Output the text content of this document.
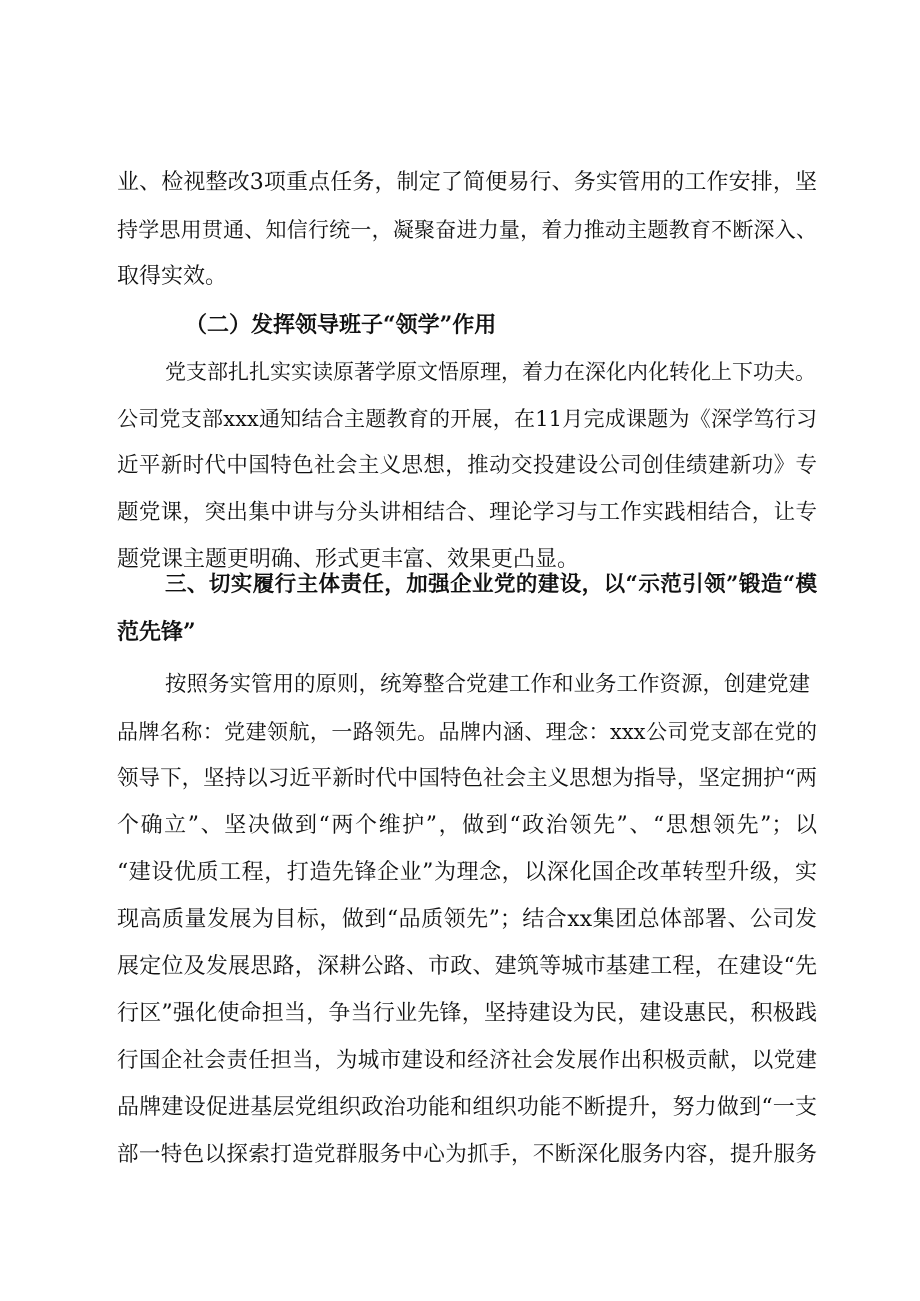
业、检视整改3项重点任务，制定了简便易行、务实管用的工作安排，坚
持学思用贯通、知信行统一，凝聚奋进力量，着力推动主题教育不断深入、
取得实效。
（二）发挥领导班子“领学”作用
党支部扎扎实实读原著学原文悟原理，着力在深化内化转化上下功夫。
公司党支部xxx通知结合主题教育的开展，在11月完成课题为《深学笃行习
近平新时代中国特色社会主义思想，推动交投建设公司创佳绩建新功》专
题党课，突出集中讲与分头讲相结合、理论学习与工作实践相结合，让专
题党课主题更明确、形式更丰富、效果更凸显。
三、切实履行主体责任，加强企业党的建设，以“示范引领”锻造“模
范先锋”
按照务实管用的原则，统筹整合党建工作和业务工作资源，创建党建
品牌名称：党建领航，一路领先。品牌内涵、理念：xxx公司党支部在党的
领导下，坚持以习近平新时代中国特色社会主义思想为指导，坚定拥护“两
个确立”、坚决做到“两个维护”，做到“政治领先”、“思想领先”；以
“建设优质工程，打造先锋企业”为理念，以深化国企改革转型升级，实
现高质量发展为目标，做到“品质领先”；结合xx集团总体部署、公司发
展定位及发展思路，深耕公路、市政、建筑等城市基建工程，在建设“先
行区”强化使命担当，争当行业先锋，坚持建设为民，建设惠民，积极践
行国企社会责任担当，为城市建设和经济社会发展作出积极贡献，以党建
品牌建设促进基层党组织政治功能和组织功能不断提升，努力做到“一支
部一特色以探索打造党群服务中心为抓手，不断深化服务内容，提升服务
